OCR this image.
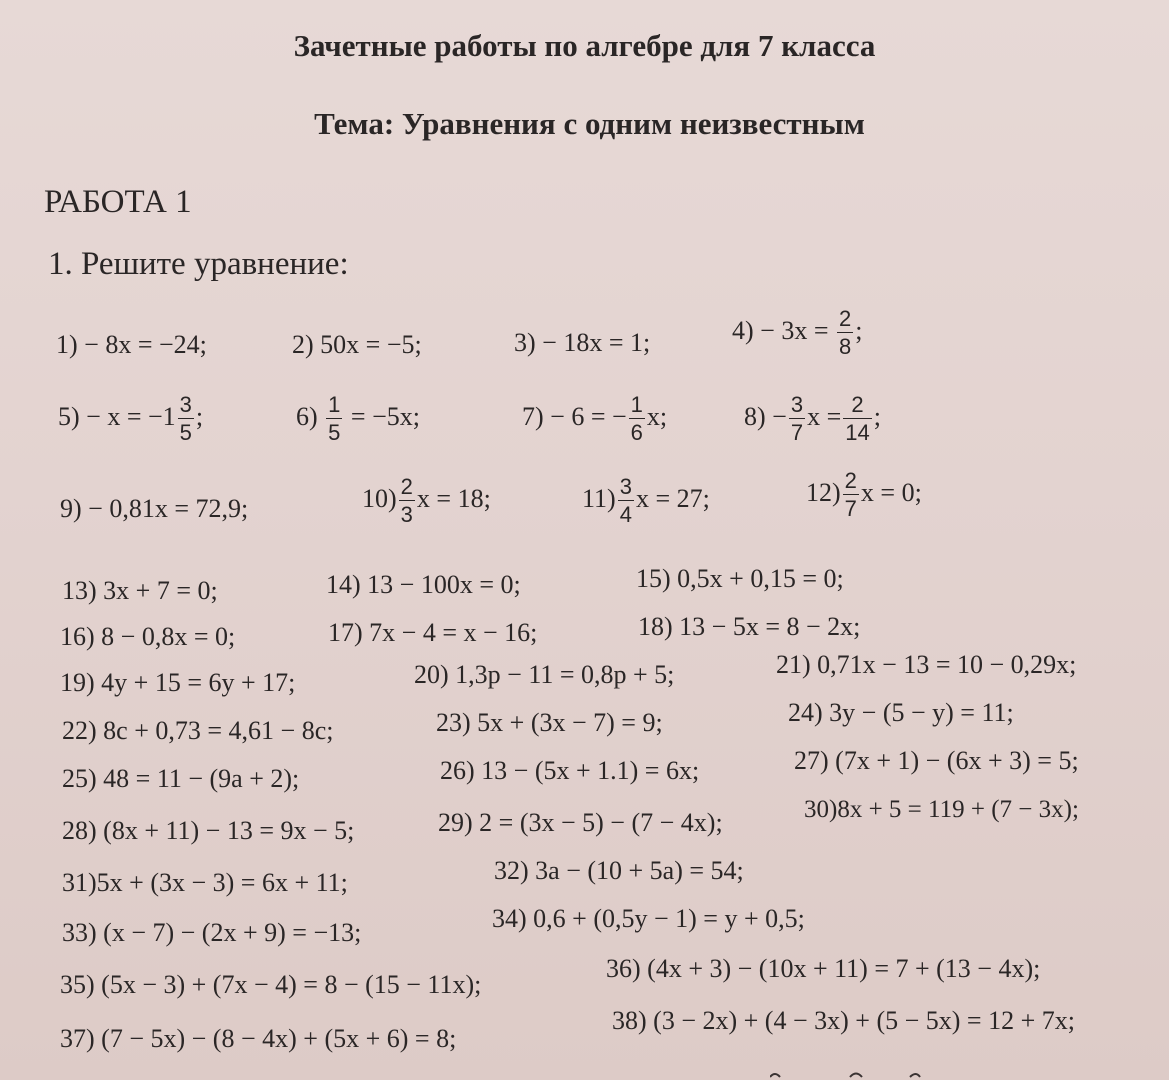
Зачетные работы по алгебре для 7 класса
Тема: Уравнения с одним неизвестным
РАБОТА 1
1. Решите уравнение:
1) − 8x = −24;	2) 50x = −5;	3) − 18x = 1;	$4) - 3x = \frac{2}{8}$ ;
$5) - x = -1 \frac{3}{5}$ ;	$6) \frac{1}{5} = -5x$;	7) − 6 = − $\frac{1}{6} x$;	$8) - \frac{3}{7}$ $x = \frac{2}{14}$ ;
9) − 0,81x = 72,9;	$10) \frac{2}{3}$ x = 18;	$11) \frac{3}{4}$ x = 27;	$12) \frac{2}{7}$ x = 0;
13) 3x + 7 = 0;	14) 13 − 100x = 0;	15) 0,5x + 0,15 = 0;
16) 8 − 0,8x = 0;	17) 7x − 4 = x − 16;	18) 13 − 5x = 8 − 2x;
19) 4y + 15 = 6y + 17;	20) 1,3p − 11 = 0,8p + 5;	21) 0,71x − 13 = 10 − 0,29x;
22) 8c + 0,73 = 4,61 − 8c;	23) 5x + (3x − 7) = 9;	24) 3y − (5 − y) = 11;
25) 48 = 11 − (9a + 2);	26) 13 − (5x + 1.1) = 6x;	27) (7x + 1) − (6x + 3) = 5;
28) (8x + 11) − 13 = 9x − 5;	29) 2 = (3x − 5) − (7 − 4x);	30)8x + 5 = 119 + (7 − 3x);
31)5x + (3x − 3) = 6x + 11;	32) 3a − (10 + 5a) = 54;
33) (x − 7) − (2x + 9) = −13;	34) 0,6 + (0,5y − 1) = y + 0,5;
35) (5x − 3) + (7x − 4) = 8 − (15 − 11x);
36) (4x + 3) − (10x + 11) = 7 + (13 − 4x);
37) (7 − 5x) − (8 − 4x) + (5x + 6) = 8;
38) (3 − 2x) + (4 − 3x) + (5 − 5x) = 12 + 7x;
